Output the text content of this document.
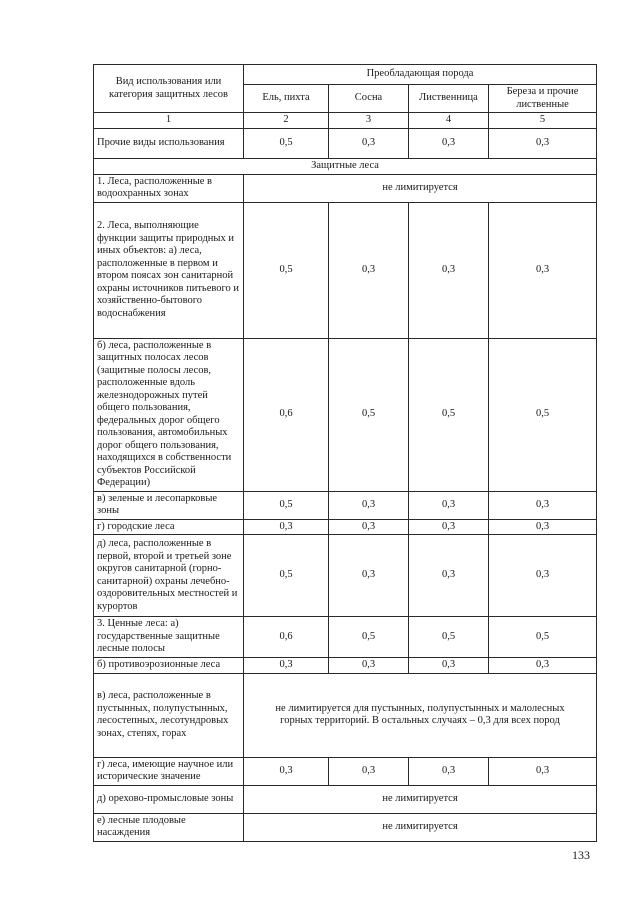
Вид использования или категория защитных лесов	Преобладающая порода			
	Ель, пихта	Сосна	Лиственница	Береза и прочие лиственные
1	2	3	4	5
Прочие виды использования	0,5	0,3	0,3	0,3
Защитные леса				
1. Леса, расположенные в водоохранных зонах	не лимитируется			
2. Леса, выполняющие функции защиты природных и иных объектов: а) леса, расположенные в первом и втором поясах зон санитарной охраны источников питьевого и хозяйственно-бытового водоснабжения	0,5	0,3	0,3	0,3
б) леса, расположенные в защитных полосах лесов (защитные полосы лесов, расположенные вдоль железнодорожных путей общего пользования, федеральных дорог общего пользования, автомобильных дорог общего пользования, находящихся в собственности субъектов Российской Федерации)	0,6	0,5	0,5	0,5
в) зеленые и лесопарковые зоны	0,5	0,3	0,3	0,3
г) городские леса	0,3	0,3	0,3	0,3
д) леса, расположенные в первой, второй и третьей зоне округов санитарной (горно-санитарной) охраны лечебно-оздоровительных местностей и курортов	0,5	0,3	0,3	0,3
3. Ценные леса: а) государственные защитные лесные полосы	0,6	0,5	0,5	0,5
б) противоэрозионные леса	0,3	0,3	0,3	0,3
в) леса, расположенные в пустынных, полупустынных, лесостепных, лесотундровых зонах, степях, горах	не лимитируется для пустынных, полупустынных и малолесных горных территорий. В остальных случаях – 0,3 для всех пород			
г) леса, имеющие научное или исторические значение	0,3	0,3	0,3	0,3
д) орехово-промысловые зоны	не лимитируется			
е) лесные плодовые насаждения	не лимитируется			
133
